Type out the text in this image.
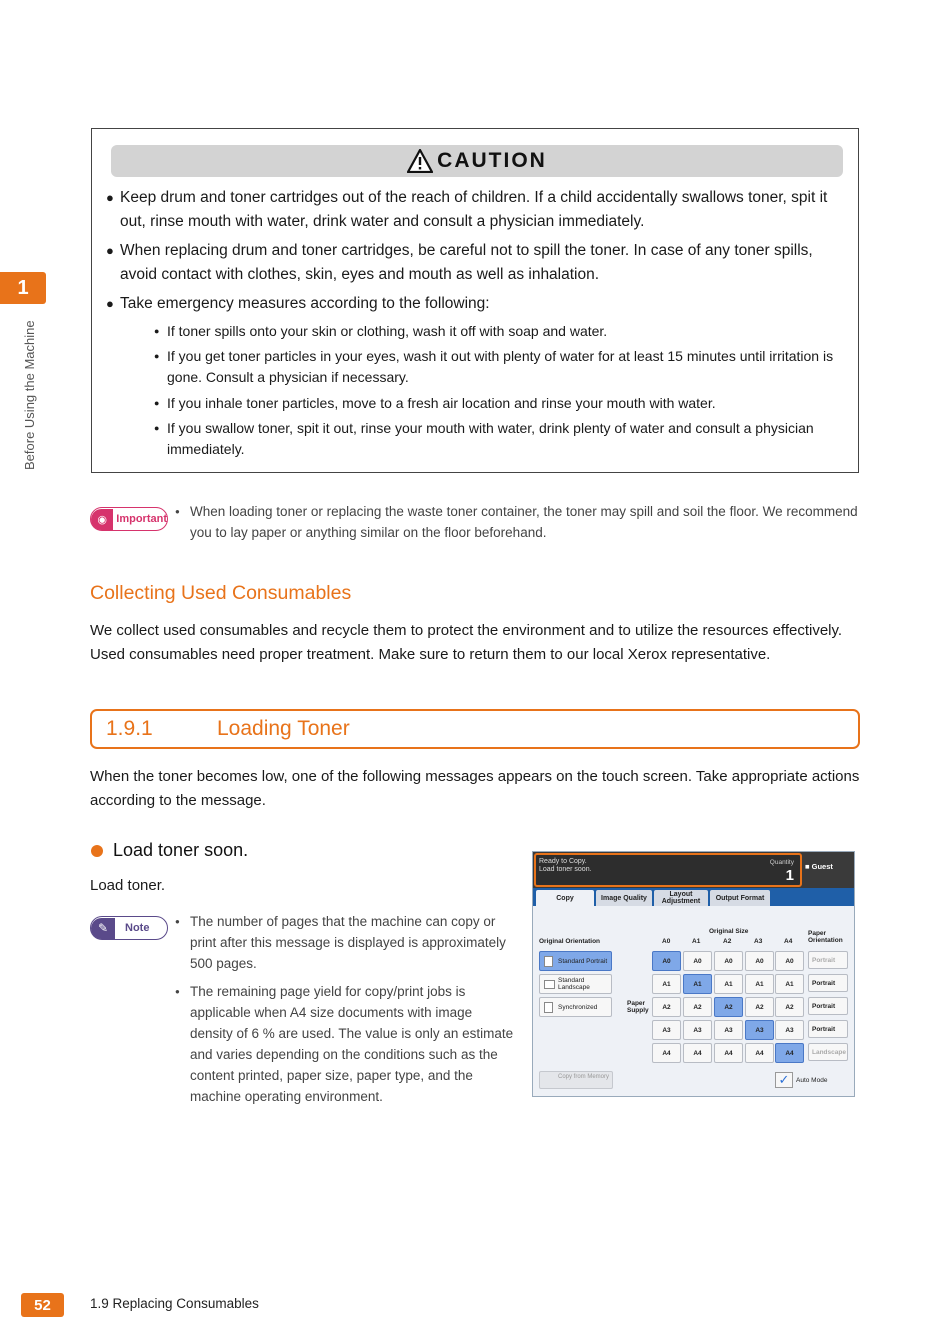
1
Before Using the Machine
CAUTION
● Keep drum and toner cartridges out of the reach of children. If a child accidentally swallows toner, spit it out, rinse mouth with water, drink water and consult a physician immediately.
● When replacing drum and toner cartridges, be careful not to spill the toner. In case of any toner spills, avoid contact with clothes, skin, eyes and mouth as well as inhalation.
● Take emergency measures according to the following:
● If toner spills onto your skin or clothing, wash it off with soap and water.
● If you get toner particles in your eyes, wash it out with plenty of water for at least 15 minutes until irritation is gone. Consult a physician if necessary.
● If you inhale toner particles, move to a fresh air location and rinse your mouth with water.
● If you swallow toner, spit it out, rinse your mouth with water, drink plenty of water and consult a physician immediately.
◉ Important	● When loading toner or replacing the waste toner container, the toner may spill and soil the floor. We recommend you to lay paper or anything similar on the floor beforehand.
Collecting Used Consumables
We collect used consumables and recycle them to protect the environment and to utilize the resources effectively. Used consumables need proper treatment. Make sure to return them to our local Xerox representative.
1.9.1	Loading Toner
When the toner becomes low, one of the following messages appears on the touch screen. Take appropriate actions according to the message.
Load toner soon.
Load toner.
✎	Note	● The number of pages that the machine can copy or print after this message is displayed is approximately 500 pages.
● The remaining page yield for copy/print jobs is applicable when A4 size documents with image density of 6 % are used. The value is only an estimate and varies depending on the conditions such as the content printed, paper size, paper type, and the machine operating environment.
Ready to Copy.
Load toner soon.
Quantity
1
■ Guest
Copy	Image Quality	Layout Adjustment	Output Format
Original Orientation
Original Size	Paper Orientation
Paper Supply
A0	A1	A2	A3	A4
Standard Portrait
Standard Landscape
Synchronized
A0	A0	A0	A0	A0
A1	A1	A1	A1	A1
A2	A2	A2	A2	A2
A3	A3	A3	A3	A3
A4	A4	A4	A4	A4
Portrait
Portrait
Portrait
Portrait
Landscape
Copy from Memory	✓	Auto Mode
52	1.9 Replacing Consumables
